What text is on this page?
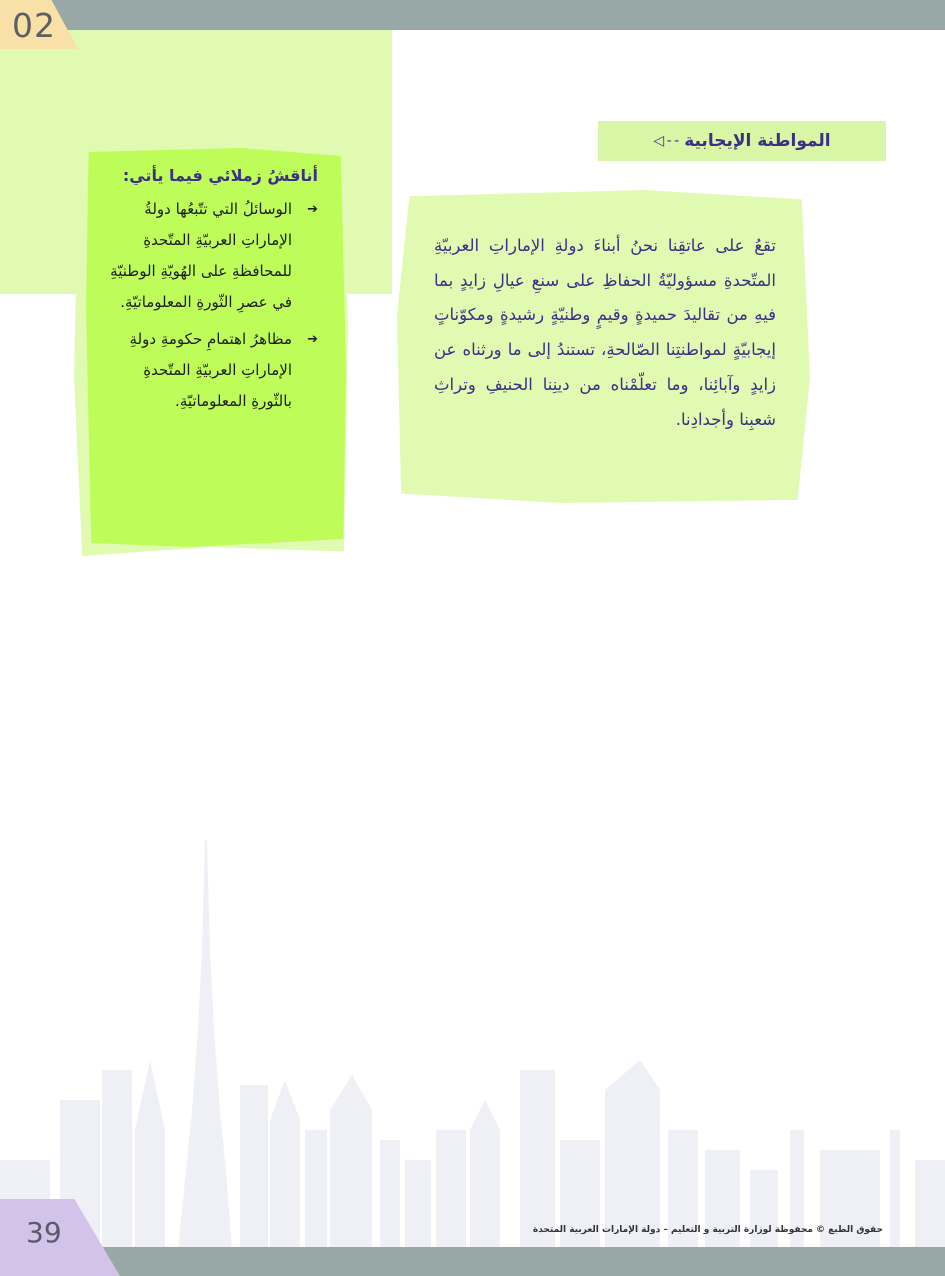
02
المواطنة الإيجابية
- - ◁
أناقشُ زملائي فيما يأتي:
➔
الوسائلُ التي تتّبعُها دولةُ الإماراتِ العربيّةِ المتّحدةِ للمحافظةِ على الهُويّةِ الوطنيّةِ في عصرِ الثّورةِ المعلوماتيّةِ.
➔
مظاهرُ اهتمامِ حكومةِ دولةِ الإماراتِ العربيّةِ المتّحدةِ بالثّورةِ المعلوماتيّةِ.
تقعُ على عاتقِنا نحنُ أبناءَ دولةِ الإماراتِ العربيّةِ المتّحدةِ مسؤوليّةُ الحفاظِ على سنعِ عيالِ زايدٍ بما فيهِ من تقاليدَ حميدةٍ وقيمٍ وطنيّةٍ رشيدةٍ ومكوّناتٍ إيجابيّةٍ لمواطنتِنا الصّالحةِ، تستندُ إلى ما ورثناه عن زايدٍ وآبائِنا، وما تعلّمْناه من دينِنا الحنيفِ وتراثِ شعبِنا وأجدادِنا.
39	حقوق الطبع © محفوظة لوزارة التربية و التعليم – دولة الإمارات العربية المتحدة
